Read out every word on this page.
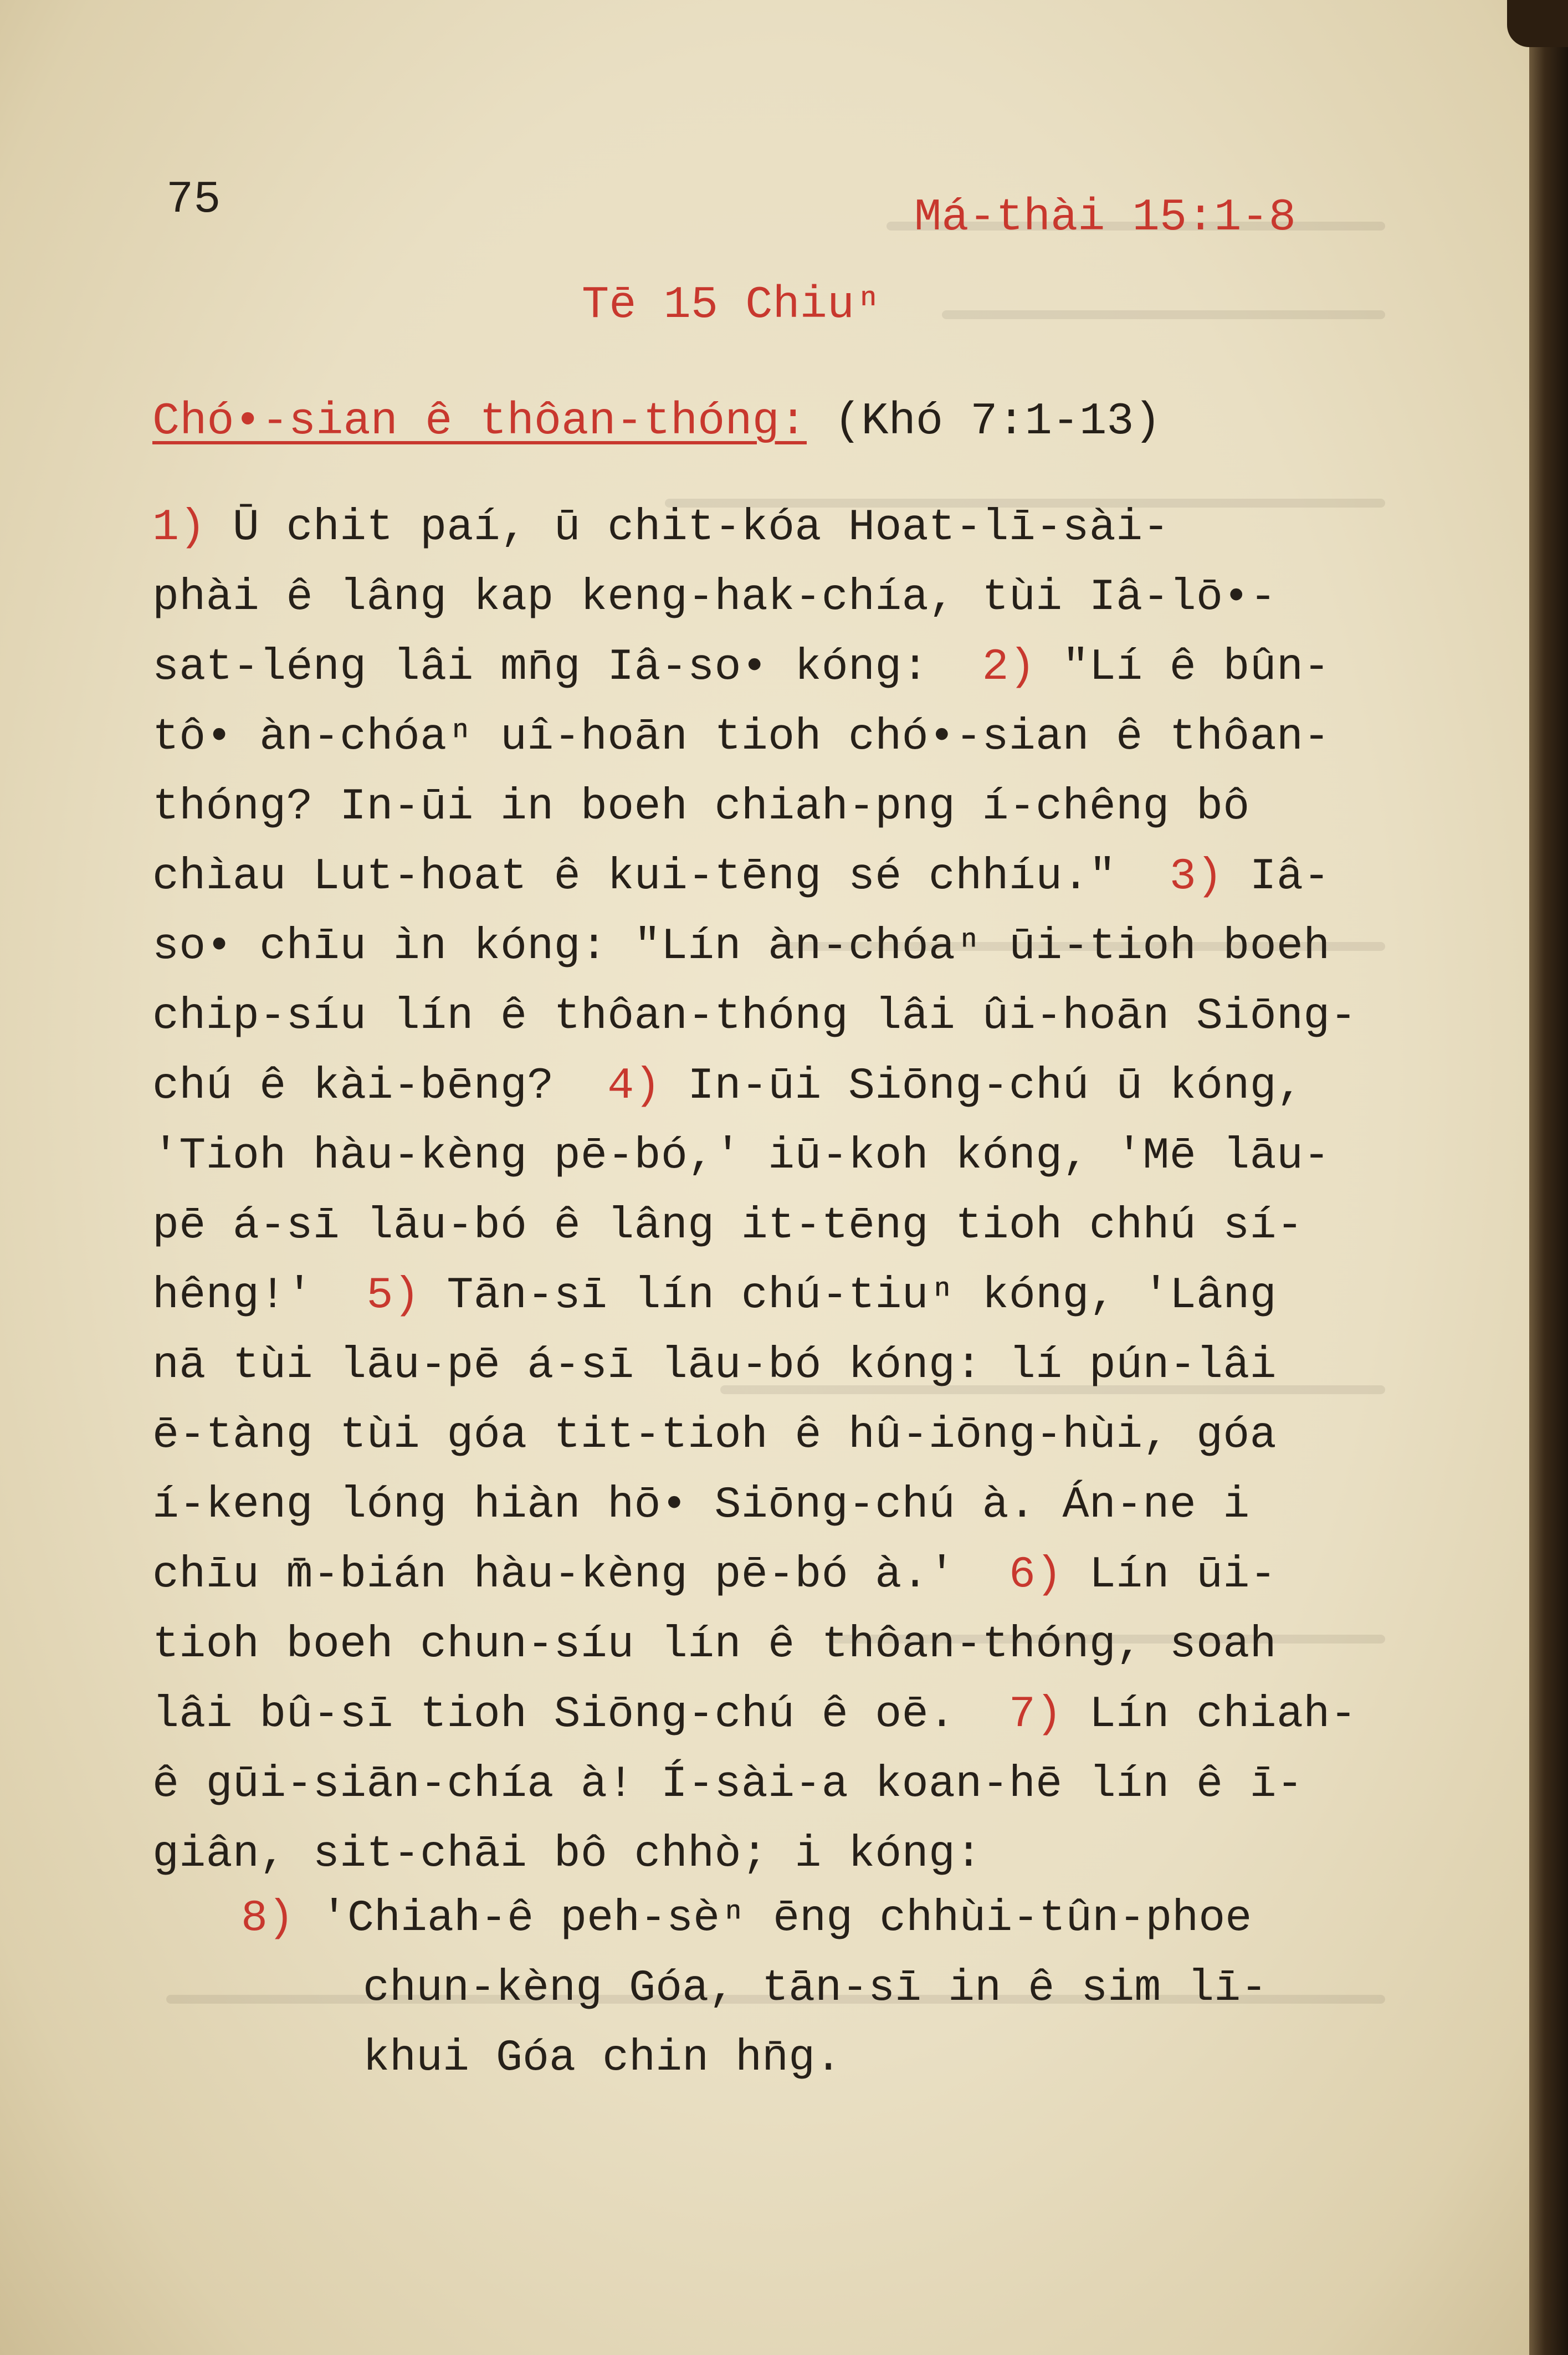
75	Má-thài 15:1-8
Tē 15 Chiuⁿ
Chó•-sian ê thôan-thóng: (Khó 7:1-13)
1) Ū chit paí, ū chit-kóa Hoat-lī-sài-
phài ê lâng kap keng-hak-chía, tùi Iâ-lō•-
sat-léng lâi mn̄g Iâ-so• kóng:  2) "Lí ê bûn-
tô• àn-chóaⁿ uî-hoān tioh chó•-sian ê thôan-
thóng? In-ūi in boeh chiah-png í-chêng bô
chìau Lut-hoat ê kui-tēng sé chhíu."  3) Iâ-
so• chīu ìn kóng: "Lín àn-chóaⁿ ūi-tioh boeh
chip-síu lín ê thôan-thóng lâi ûi-hoān Siōng-
chú ê kài-bēng?  4) In-ūi Siōng-chú ū kóng,
'Tioh hàu-kèng pē-bó,' iū-koh kóng, 'Mē lāu-
pē á-sī lāu-bó ê lâng it-tēng tioh chhú sí-
hêng!'  5) Tān-sī lín chú-tiuⁿ kóng, 'Lâng
nā tùi lāu-pē á-sī lāu-bó kóng: lí pún-lâi
ē-tàng tùi góa tit-tioh ê hû-iōng-hùi, góa
í-keng lóng hiàn hō• Siōng-chú à. Án-ne i
chīu m̄-bián hàu-kèng pē-bó à.'  6) Lín ūi-
tioh boeh chun-síu lín ê thôan-thóng, soah
lâi bû-sī tioh Siōng-chú ê oē.  7) Lín chiah-
ê gūi-siān-chía à! Í-sài-a koan-hē lín ê ī-
giân, sit-chāi bô chhò; i kóng:
8) 'Chiah-ê peh-sèⁿ ēng chhùi-tûn-phoe
chun-kèng Góa, tān-sī in ê sim lī-
khui Góa chin hn̄g.
